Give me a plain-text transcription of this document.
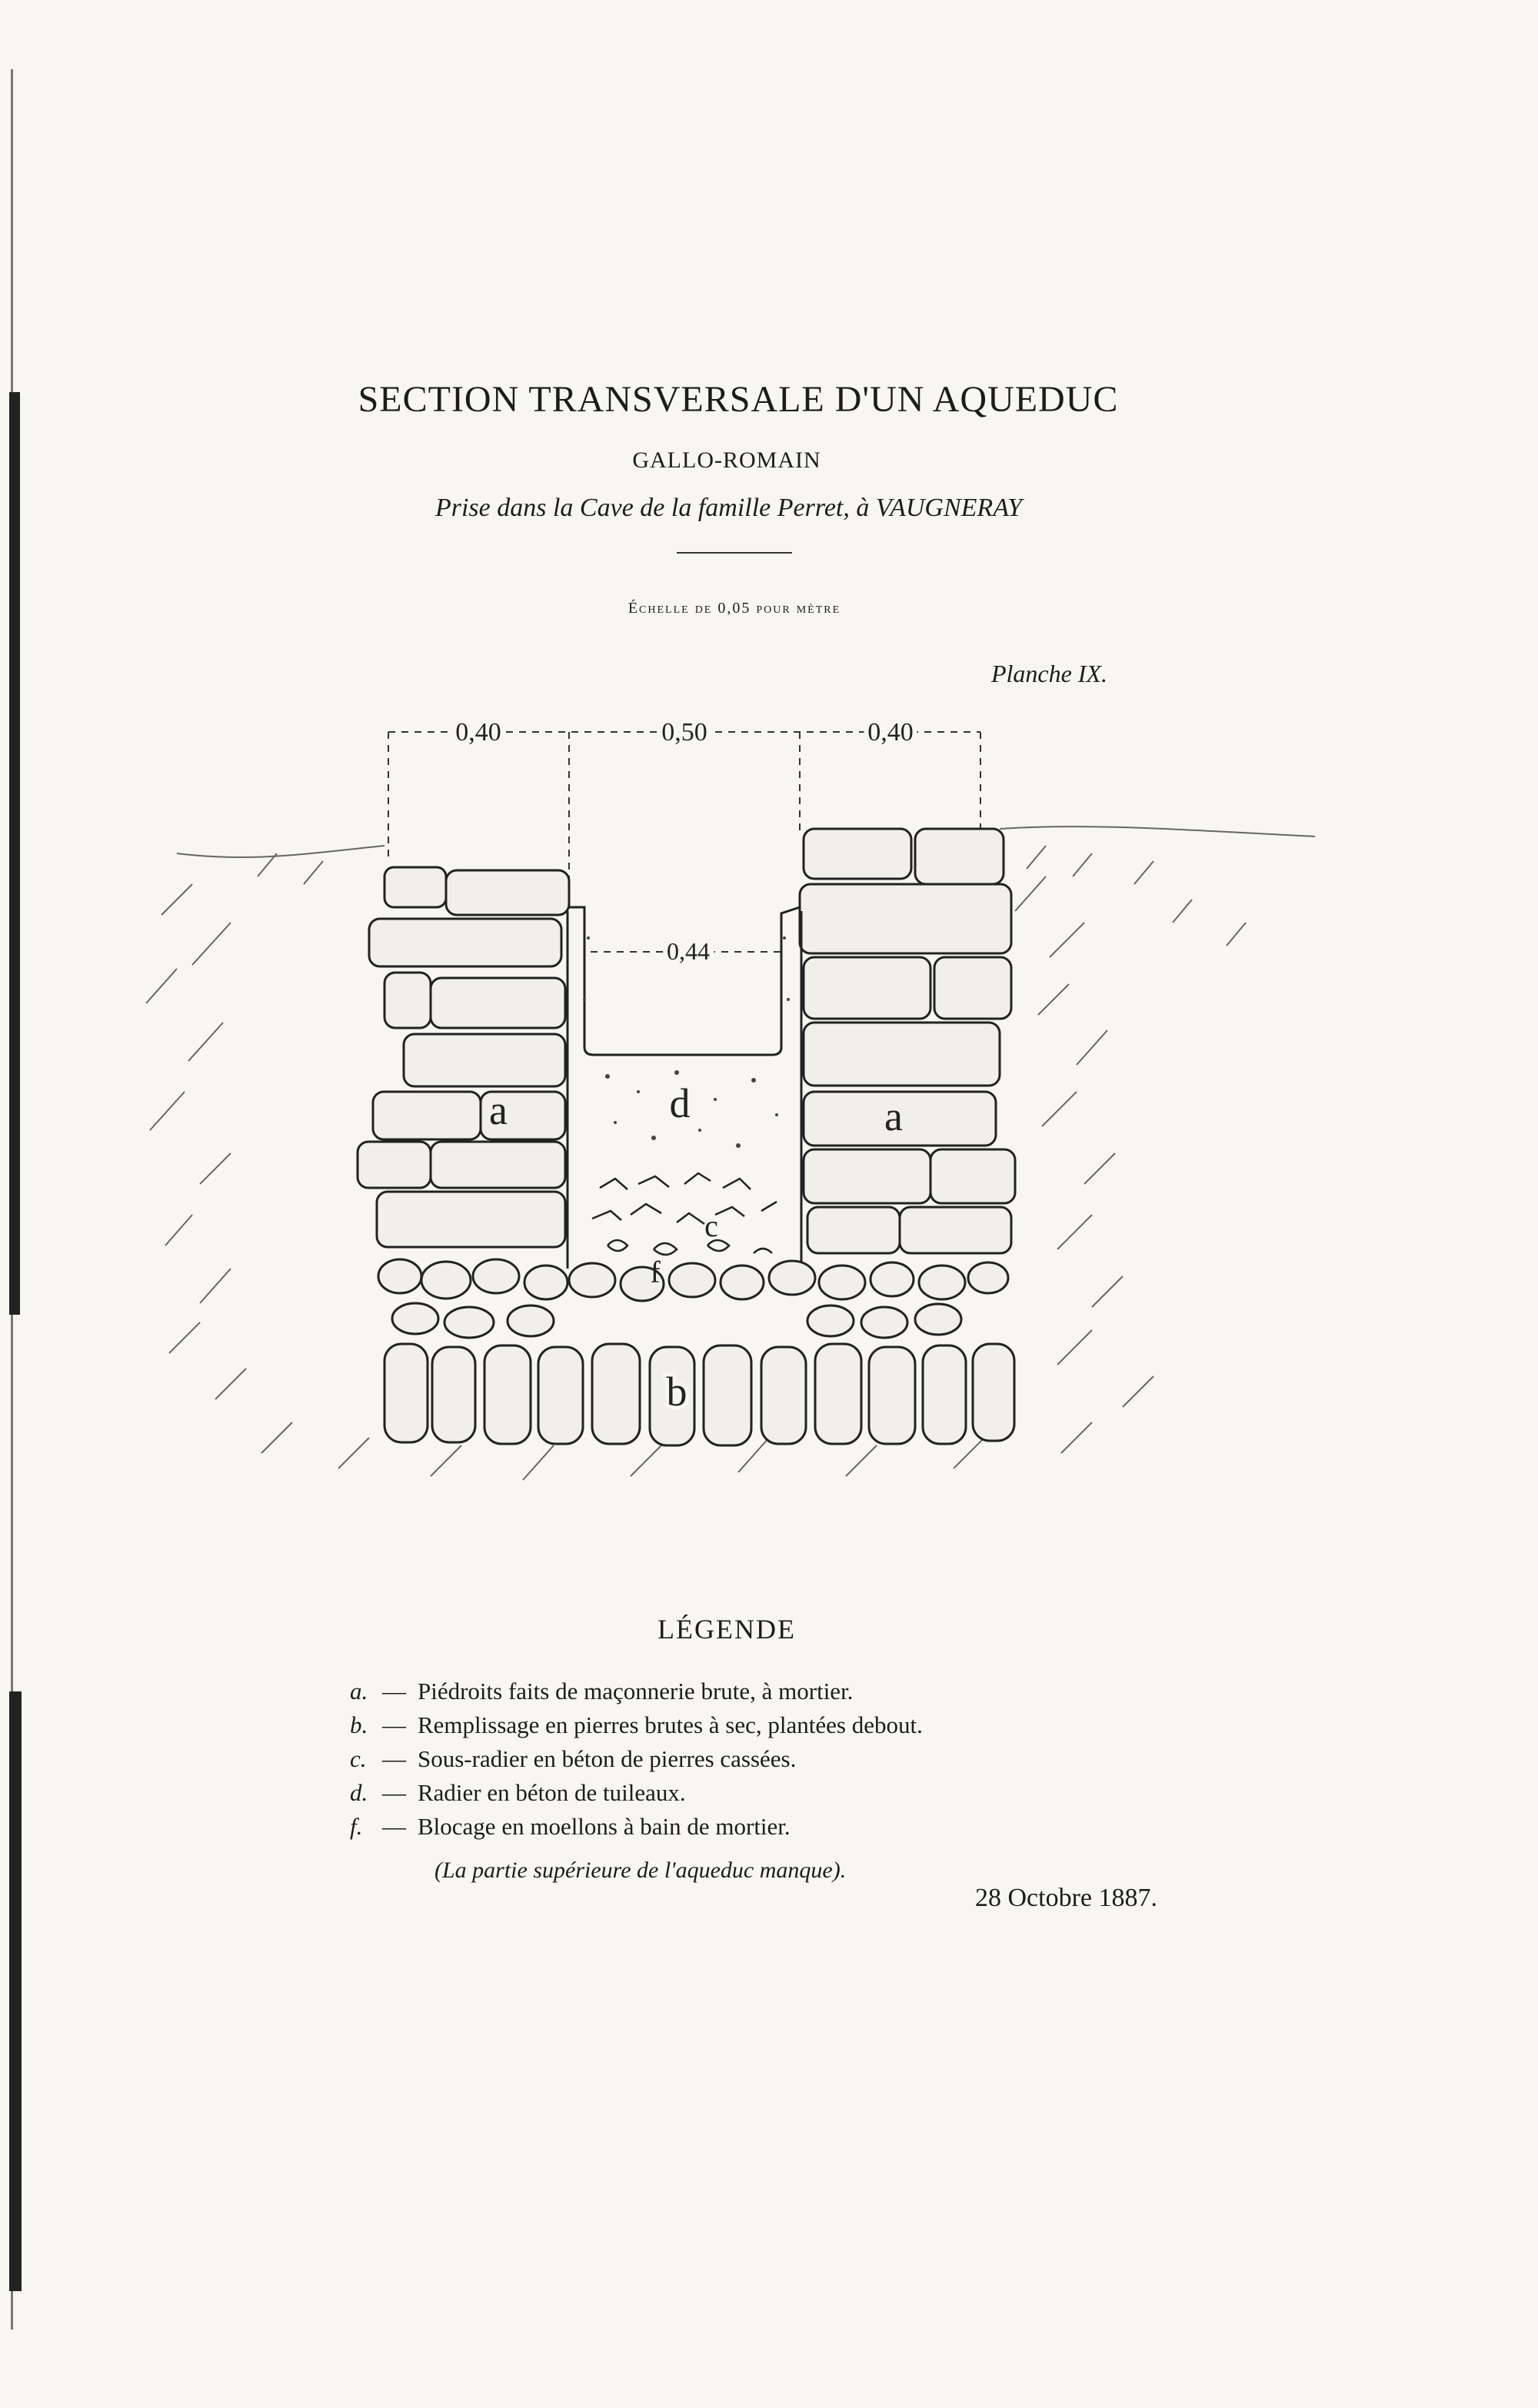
SECTION TRANSVERSALE D'UN AQUEDUC
GALLO-ROMAIN
Prise dans la Cave de la famille Perret, à VAUGNERAY
Échelle de 0,05 pour mètre
Planche IX.
0,40	0,50	0,40
0,44
a	a
d
c
f
b
LÉGENDE
a. — Piédroits faits de maçonnerie brute, à mortier.
b. — Remplissage en pierres brutes à sec, plantées debout.
c. — Sous-radier en béton de pierres cassées.
d. — Radier en béton de tuileaux.
f. — Blocage en moellons à bain de mortier.
(La partie supérieure de l'aqueduc manque).
28 Octobre 1887.
